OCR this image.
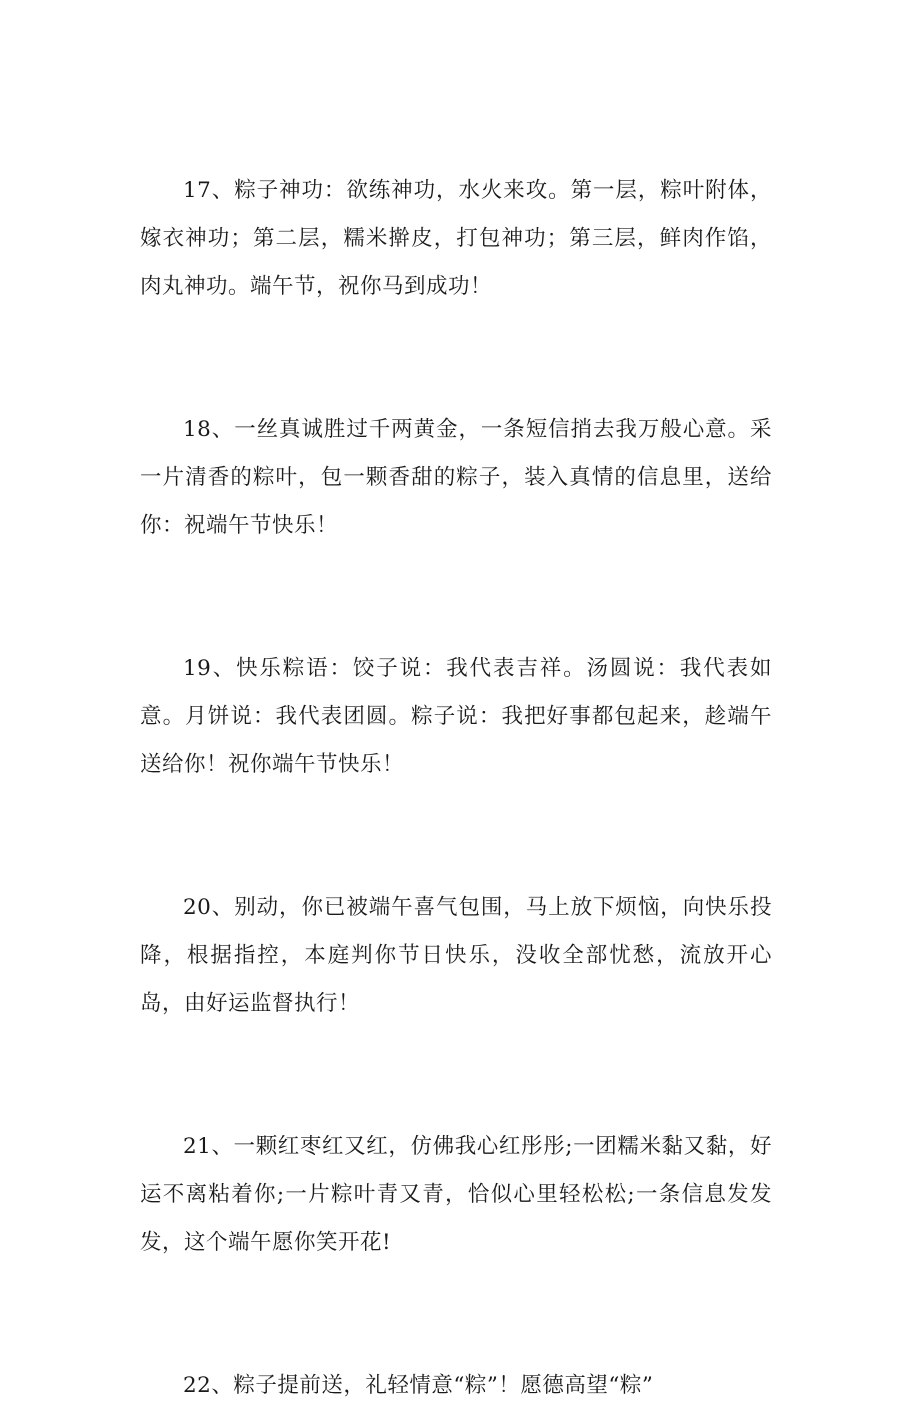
17、粽子神功：欲练神功，水火来攻。第一层，粽叶附体，嫁衣神功；第二层，糯米擀皮，打包神功；第三层，鲜肉作馅，肉丸神功。端午节，祝你马到成功！

18、一丝真诚胜过千两黄金，一条短信捎去我万般心意。采一片清香的粽叶，包一颗香甜的粽子，装入真情的信息里，送给你：祝端午节快乐！

19、快乐粽语：饺子说：我代表吉祥。汤圆说：我代表如意。月饼说：我代表团圆。粽子说：我把好事都包起来，趁端午送给你！祝你端午节快乐！

20、别动，你已被端午喜气包围，马上放下烦恼，向快乐投降，根据指控，本庭判你节日快乐，没收全部忧愁，流放开心岛，由好运监督执行！

21、一颗红枣红又红，仿佛我心红彤彤;一团糯米黏又黏，好运不离粘着你;一片粽叶青又青，恰似心里轻松松;一条信息发发发，这个端午愿你笑开花!

22、粽子提前送，礼轻情意“粽”！愿德高望“粽”
